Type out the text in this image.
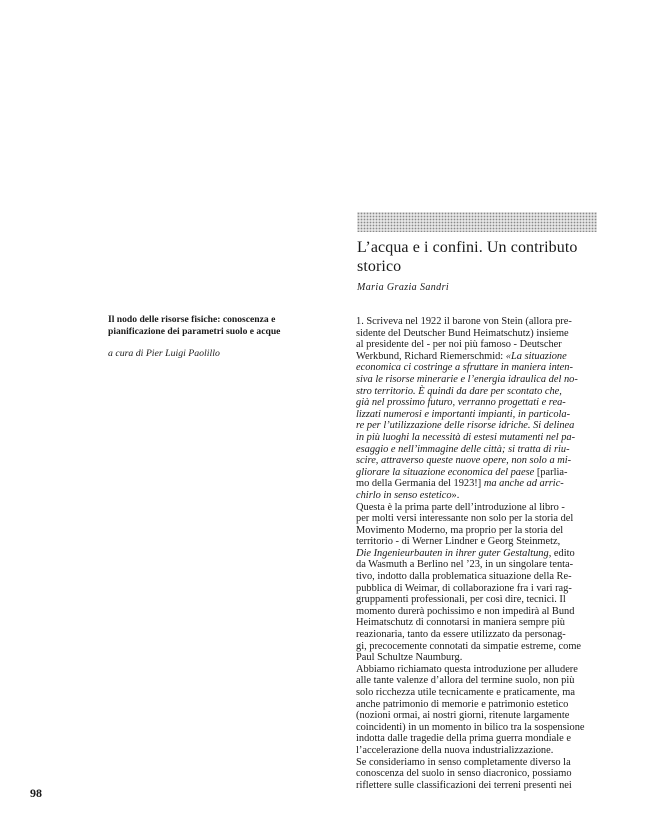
L’acqua e i confini. Un contributo storico
Maria Grazia Sandri
Il nodo delle risorse fisiche: conoscenza e pianificazione dei parametri suolo e acque
a cura di Pier Luigi Paolillo
98

1. Scriveva nel 1922 il barone von Stein (allora pre-
sidente del Deutscher Bund Heimatschutz) insieme
al presidente del - per noi più famoso - Deutscher
Werkbund, Richard Riemerschmid: «La situazione
economica ci costringe a sfruttare in maniera inten-
siva le risorse minerarie e l’energia idraulica del no-
stro territorio. È quindi da dare per scontato che,
già nel prossimo futuro, verranno progettati e rea-
lizzati numerosi e importanti impianti, in particola-
re per l’utilizzazione delle risorse idriche. Si delinea
in più luoghi la necessità di estesi mutamenti nel pa-
esaggio e nell’immagine delle città; si tratta di riu-
scire, attraverso queste nuove opere, non solo a mi-
gliorare la situazione economica del paese [parlia-
mo della Germania del 1923!] ma anche ad arric-
chirlo in senso estetico».

Questa è la prima parte dell’introduzione al libro -
per molti versi interessante non solo per la storia del
Movimento Moderno, ma proprio per la storia del
territorio - di Werner Lindner e Georg Steinmetz,
Die Ingenieurbauten in ihrer guter Gestaltung, edito
da Wasmuth a Berlino nel ’23, in un singolare tenta-
tivo, indotto dalla problematica situazione della Re-
pubblica di Weimar, di collaborazione fra i vari rag-
gruppamenti professionali, per così dire, tecnici. Il
momento durerà pochissimo e non impedirà al Bund
Heimatschutz di connotarsi in maniera sempre più
reazionaria, tanto da essere utilizzato da personag-
gi, precocemente connotati da simpatie estreme, come
Paul Schultze Naumburg.

Abbiamo richiamato questa introduzione per alludere
alle tante valenze d’allora del termine suolo, non più
solo ricchezza utile tecnicamente e praticamente, ma
anche patrimonio di memorie e patrimonio estetico
(nozioni ormai, ai nostri giorni, ritenute largamente
coincidenti) in un momento in bilico tra la sospensione
indotta dalle tragedie della prima guerra mondiale e
l’accelerazione della nuova industrializzazione.

Se consideriamo in senso completamente diverso la
conoscenza del suolo in senso diacronico, possiamo
riflettere sulle classificazioni dei terreni presenti nei
